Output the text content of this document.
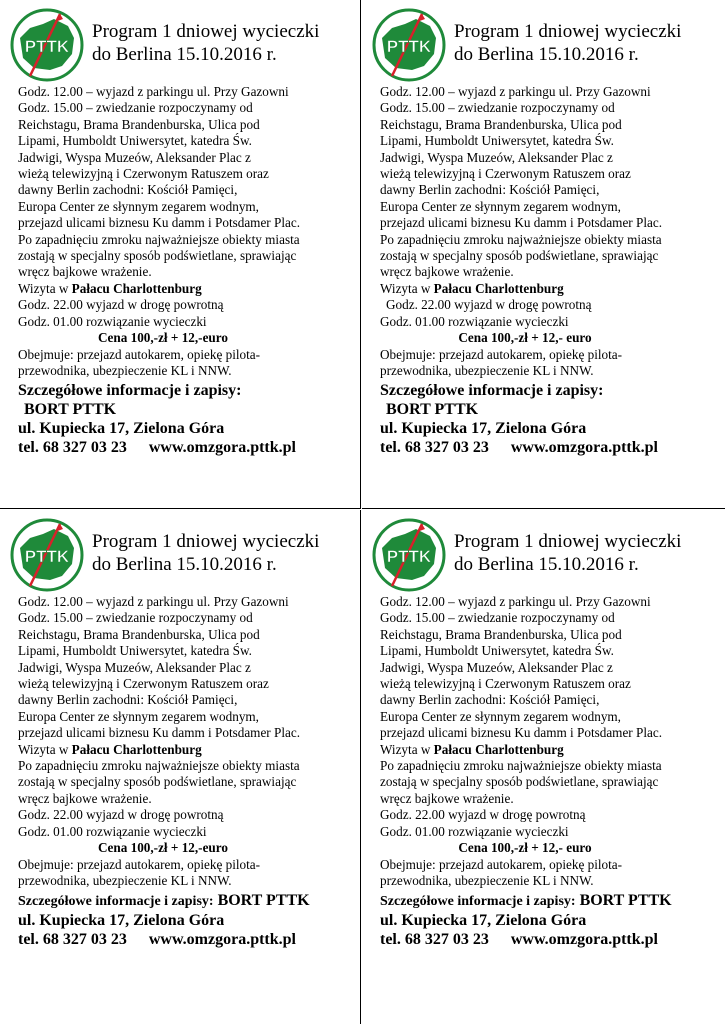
PTTK
Program 1 dniowej wycieczki
do Berlina 15.10.2016 r.
Godz. 12.00 – wyjazd z parkingu ul. Przy Gazowni
Godz. 15.00 – zwiedzanie rozpoczynamy od
Reichstagu, Brama Brandenburska, Ulica pod
Lipami, Humboldt Uniwersytet, katedra Św.
Jadwigi, Wyspa Muzeów, Aleksander Plac z
wieżą telewizyjną i Czerwonym Ratuszem oraz
dawny Berlin zachodni: Kościół Pamięci,
Europa Center ze słynnym zegarem wodnym,
przejazd ulicami biznesu Ku damm i Potsdamer Plac.
Po zapadnięciu zmroku najważniejsze obiekty miasta
zostają w specjalny sposób podświetlane, sprawiając
wręcz bajkowe wrażenie.
Wizyta w Pałacu Charlottenburg
Godz. 22.00 wyjazd w drogę powrotną
Godz. 01.00 rozwiązanie wycieczki
Cena 100,-zł + 12,-euro
Obejmuje: przejazd autokarem, opiekę pilota-
przewodnika, ubezpieczenie KL i NNW.
Szczegółowe informacje i zapisy:
BORT PTTK
ul. Kupiecka 17, Zielona Góra
tel. 68 327 03 23 www.omzgora.pttk.pl
PTTK
Program 1 dniowej wycieczki
do Berlina 15.10.2016 r.
Godz. 12.00 – wyjazd z parkingu ul. Przy Gazowni
Godz. 15.00 – zwiedzanie rozpoczynamy od
Reichstagu, Brama Brandenburska, Ulica pod
Lipami, Humboldt Uniwersytet, katedra Św.
Jadwigi, Wyspa Muzeów, Aleksander Plac z
wieżą telewizyjną i Czerwonym Ratuszem oraz
dawny Berlin zachodni: Kościół Pamięci,
Europa Center ze słynnym zegarem wodnym,
przejazd ulicami biznesu Ku damm i Potsdamer Plac.
Po zapadnięciu zmroku najważniejsze obiekty miasta
zostają w specjalny sposób podświetlane, sprawiając
wręcz bajkowe wrażenie.
Wizyta w Pałacu Charlottenburg
Godz. 22.00 wyjazd w drogę powrotną
Godz. 01.00 rozwiązanie wycieczki
Cena 100,-zł + 12,- euro
Obejmuje: przejazd autokarem, opiekę pilota-
przewodnika, ubezpieczenie KL i NNW.
Szczegółowe informacje i zapisy:
BORT PTTK
ul. Kupiecka 17, Zielona Góra
tel. 68 327 03 23 www.omzgora.pttk.pl
PTTK
Program 1 dniowej wycieczki
do Berlina 15.10.2016 r.
Godz. 12.00 – wyjazd z parkingu ul. Przy Gazowni
Godz. 15.00 – zwiedzanie rozpoczynamy od
Reichstagu, Brama Brandenburska, Ulica pod
Lipami, Humboldt Uniwersytet, katedra Św.
Jadwigi, Wyspa Muzeów, Aleksander Plac z
wieżą telewizyjną i Czerwonym Ratuszem oraz
dawny Berlin zachodni: Kościół Pamięci,
Europa Center ze słynnym zegarem wodnym,
przejazd ulicami biznesu Ku damm i Potsdamer Plac.
Wizyta w Pałacu Charlottenburg
Po zapadnięciu zmroku najważniejsze obiekty miasta
zostają w specjalny sposób podświetlane, sprawiając
wręcz bajkowe wrażenie.
Godz. 22.00 wyjazd w drogę powrotną
Godz. 01.00 rozwiązanie wycieczki
Cena 100,-zł + 12,-euro
Obejmuje: przejazd autokarem, opiekę pilota-
przewodnika, ubezpieczenie KL i NNW.
Szczegółowe informacje i zapisy: BORT PTTK
ul. Kupiecka 17, Zielona Góra
tel. 68 327 03 23 www.omzgora.pttk.pl
PTTK
Program 1 dniowej wycieczki
do Berlina 15.10.2016 r.
Godz. 12.00 – wyjazd z parkingu ul. Przy Gazowni
Godz. 15.00 – zwiedzanie rozpoczynamy od
Reichstagu, Brama Brandenburska, Ulica pod
Lipami, Humboldt Uniwersytet, katedra Św.
Jadwigi, Wyspa Muzeów, Aleksander Plac z
wieżą telewizyjną i Czerwonym Ratuszem oraz
dawny Berlin zachodni: Kościół Pamięci,
Europa Center ze słynnym zegarem wodnym,
przejazd ulicami biznesu Ku damm i Potsdamer Plac.
Wizyta w Pałacu Charlottenburg
Po zapadnięciu zmroku najważniejsze obiekty miasta
zostają w specjalny sposób podświetlane, sprawiając
wręcz bajkowe wrażenie.
Godz. 22.00 wyjazd w drogę powrotną
Godz. 01.00 rozwiązanie wycieczki
Cena 100,-zł + 12,- euro
Obejmuje: przejazd autokarem, opiekę pilota-
przewodnika, ubezpieczenie KL i NNW.
Szczegółowe informacje i zapisy: BORT PTTK
ul. Kupiecka 17, Zielona Góra
tel. 68 327 03 23 www.omzgora.pttk.pl
